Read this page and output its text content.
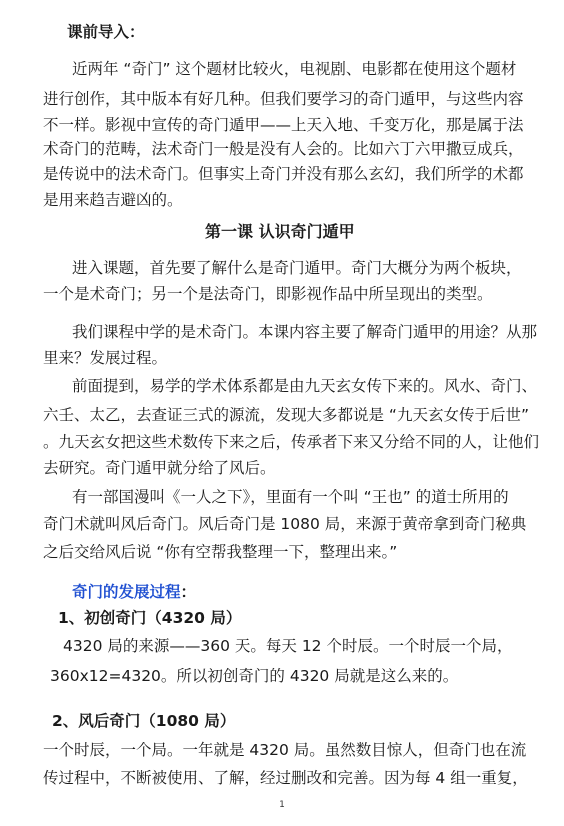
课前导入：
近两年 “奇门” 这个题材比较火，电视剧、电影都在使用这个题材
进行创作，其中版本有好几种。但我们要学习的奇门遁甲，与这些内容
不一样。影视中宣传的奇门遁甲——上天入地、千变万化，那是属于法
术奇门的范畴，法术奇门一般是没有人会的。比如六丁六甲撒豆成兵，
是传说中的法术奇门。但事实上奇门并没有那么玄幻，我们所学的术都
是用来趋吉避凶的。
第一课 认识奇门遁甲
进入课题，首先要了解什么是奇门遁甲。奇门大概分为两个板块，
一个是术奇门；另一个是法奇门，即影视作品中所呈现出的类型。
我们课程中学的是术奇门。本课内容主要了解奇门遁甲的用途？从那
里来？发展过程。
前面提到，易学的学术体系都是由九天玄女传下来的。风水、奇门、
六壬、太乙，去查证三式的源流，发现大多都说是 “九天玄女传于后世”
。九天玄女把这些术数传下来之后，传承者下来又分给不同的人，让他们
去研究。奇门遁甲就分给了风后。
有一部国漫叫《一人之下》，里面有一个叫 “王也” 的道士所用的
奇门术就叫风后奇门。风后奇门是 1080 局，来源于黄帝拿到奇门秘典
之后交给风后说 “你有空帮我整理一下，整理出来。”
奇门的发展过程：
1、初创奇门（4320 局）
4320 局的来源——360 天。每天 12 个时辰。一个时辰一个局，
360x12=4320。所以初创奇门的 4320 局就是这么来的。
2、风后奇门（1080 局）
一个时辰，一个局。一年就是 4320 局。虽然数目惊人，但奇门也在流
传过程中，不断被使用、了解，经过删改和完善。因为每 4 组一重复，
1
